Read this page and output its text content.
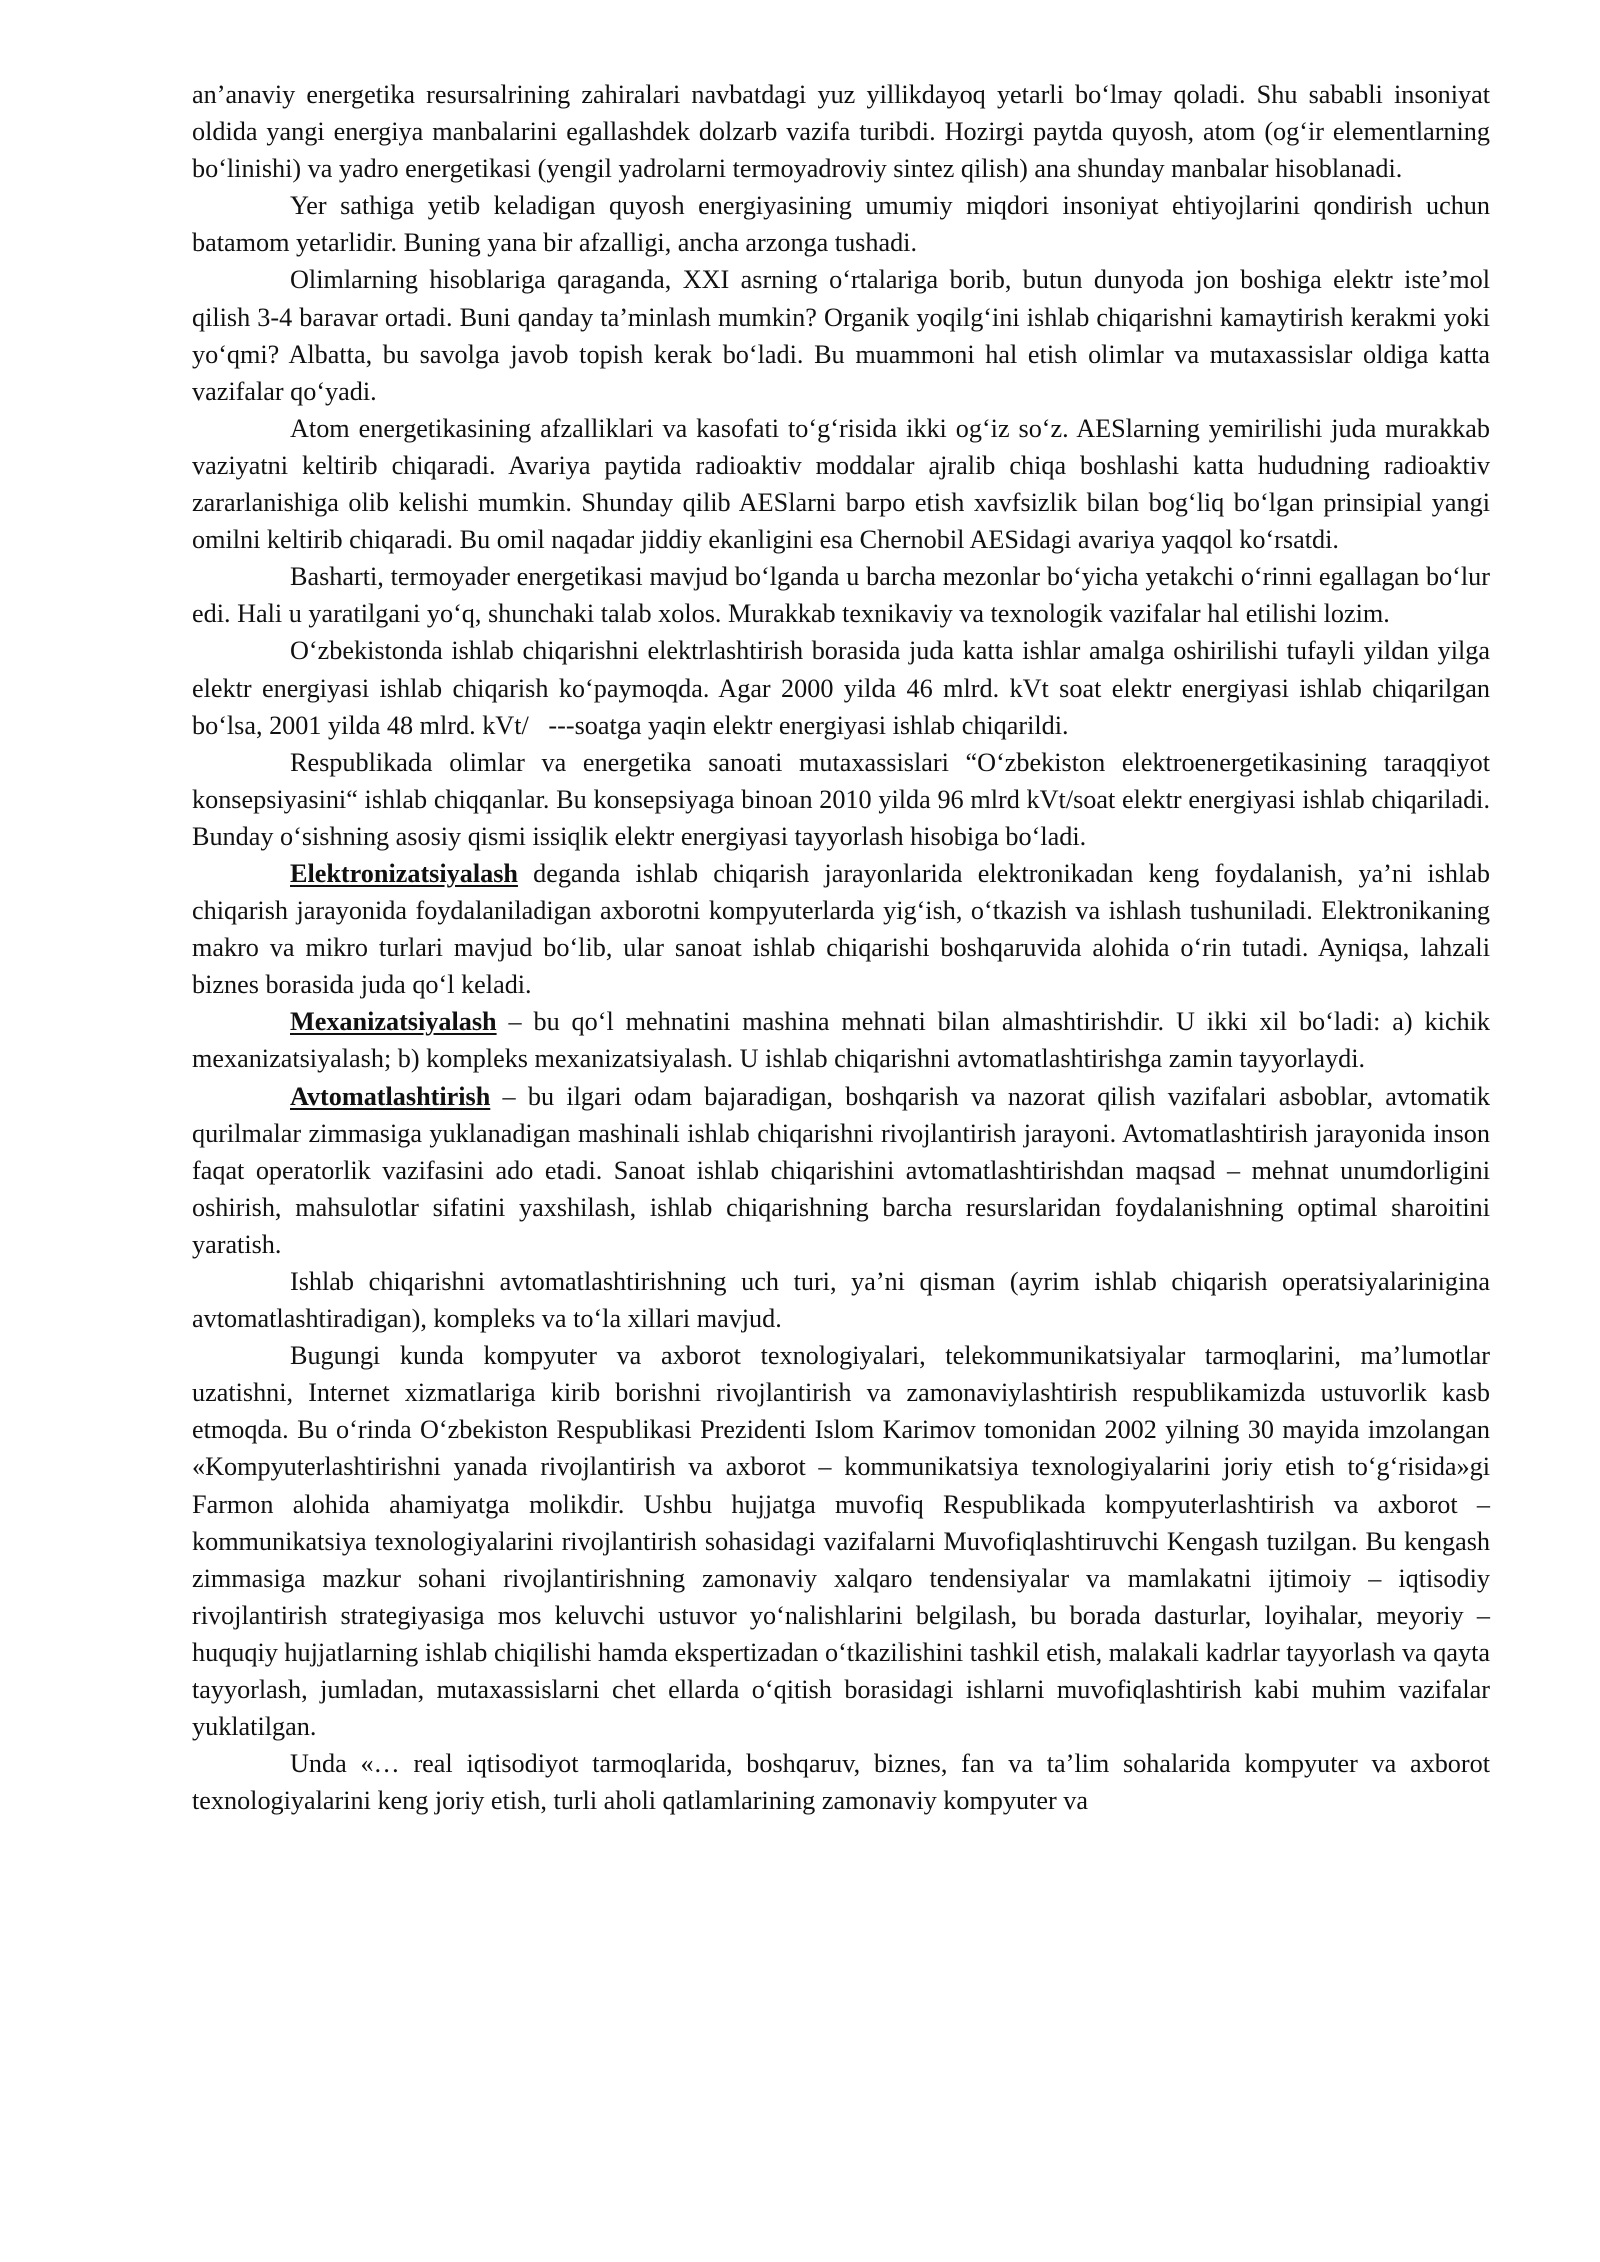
an’anaviy energetika resursalrining zahiralari navbatdagi yuz yillikdayoq yetarli bo‘lmay qoladi. Shu sababli insoniyat oldida yangi energiya manbalarini egallashdek dolzarb vazifa turibdi. Hozirgi paytda quyosh, atom (og‘ir elementlarning bo‘linishi) va yadro energetikasi (yengil yadrolarni termoyadroviy sintez qilish) ana shunday manbalar hisoblanadi.

Yer sathiga yetib keladigan quyosh energiyasining umumiy miqdori insoniyat ehtiyojlarini qondirish uchun batamom yetarlidir. Buning yana bir afzalligi, ancha arzonga tushadi.

Olimlarning hisoblariga qaraganda, XXI asrning o‘rtalariga borib, butun dunyoda jon boshiga elektr iste’mol qilish 3-4 baravar ortadi. Buni qanday ta’minlash mumkin? Organik yoqilg‘ini ishlab chiqarishni kamaytirish kerakmi yoki yo‘qmi? Albatta, bu savolga javob topish kerak bo‘ladi. Bu muammoni hal etish olimlar va mutaxassislar oldiga katta vazifalar qo‘yadi.

Atom energetikasining afzalliklari va kasofati to‘g‘risida ikki og‘iz so‘z. AESlarning yemirilishi juda murakkab vaziyatni keltirib chiqaradi. Avariya paytida radioaktiv moddalar ajralib chiqa boshlashi katta hududning radioaktiv zararlanishiga olib kelishi mumkin. Shunday qilib AESlarni barpo etish xavfsizlik bilan bog‘liq bo‘lgan prinsipial yangi omilni keltirib chiqaradi. Bu omil naqadar jiddiy ekanligini esa Chernobil AESidagi avariya yaqqol ko‘rsatdi.

Basharti, termoyader energetikasi mavjud bo‘lganda u barcha mezonlar bo‘yicha yetakchi o‘rinni egallagan bo‘lur edi. Hali u yaratilgani yo‘q, shunchaki talab xolos. Murakkab texnikaviy va texnologik vazifalar hal etilishi lozim.

O‘zbekistonda ishlab chiqarishni elektrlashtirish borasida juda katta ishlar amalga oshirilishi tufayli yildan yilga elektr energiyasi ishlab chiqarish ko‘paymoqda. Agar 2000 yilda 46 mlrd. kVt soat elektr energiyasi ishlab chiqarilgan bo‘lsa, 2001 yilda 48 mlrd. kVt/   ---soatga yaqin elektr energiyasi ishlab chiqarildi.

Respublikada olimlar va energetika sanoati mutaxassislari “O‘zbekiston elektroenergetikasining taraqqiyot konsepsiyasini“ ishlab chiqqanlar. Bu konsepsiyaga binoan 2010 yilda 96 mlrd kVt/soat elektr energiyasi ishlab chiqariladi. Bunday o‘sishning asosiy qismi issiqlik elektr energiyasi tayyorlash hisobiga bo‘ladi.

Elektronizatsiyalash deganda ishlab chiqarish jarayonlarida elektronikadan keng foydalanish, ya’ni ishlab chiqarish jarayonida foydalaniladigan axborotni kompyuterlarda yig‘ish, o‘tkazish va ishlash tushuniladi. Elektronikaning makro va mikro turlari mavjud bo‘lib, ular sanoat ishlab chiqarishi boshqaruvida alohida o‘rin tutadi. Ayniqsa, lahzali biznes borasida juda qo‘l keladi.

Mexanizatsiyalash – bu qo‘l mehnatini mashina mehnati bilan almashtirishdir. U ikki xil bo‘ladi: a) kichik mexanizatsiyalash; b) kompleks mexanizatsiyalash. U ishlab chiqarishni avtomatlashtirishga zamin tayyorlaydi.

Avtomatlashtirish – bu ilgari odam bajaradigan, boshqarish va nazorat qilish vazifalari asboblar, avtomatik qurilmalar zimmasiga yuklanadigan mashinali ishlab chiqarishni rivojlantirish jarayoni. Avtomatlashtirish jarayonida inson faqat operatorlik vazifasini ado etadi. Sanoat ishlab chiqarishini avtomatlashtirishdan maqsad – mehnat unumdorligini oshirish, mahsulotlar sifatini yaxshilash, ishlab chiqarishning barcha resurslaridan foydalanishning optimal sharoitini yaratish.

Ishlab chiqarishni avtomatlashtirishning uch turi, ya’ni qisman (ayrim ishlab chiqarish operatsiyalarinigina avtomatlashtiradigan), kompleks va to‘la xillari mavjud.

Bugungi kunda kompyuter va axborot texnologiyalari, telekommunikatsiyalar tarmoqlarini, ma’lumotlar uzatishni, Internet xizmatlariga kirib borishni rivojlantirish va zamonaviylashtirish respublikamizda ustuvorlik kasb etmoqda. Bu o‘rinda O‘zbekiston Respublikasi Prezidenti Islom Karimov tomonidan 2002 yilning 30 mayida imzolangan «Kompyuterlashtirishni yanada rivojlantirish va axborot – kommunikatsiya texnologiyalarini joriy etish to‘g‘risida»gi Farmon alohida ahamiyatga molikdir. Ushbu hujjatga muvofiq Respublikada kompyuterlashtirish va axborot – kommunikatsiya texnologiyalarini rivojlantirish sohasidagi vazifalarni Muvofiqlashtiruvchi Kengash tuzilgan. Bu kengash zimmasiga mazkur sohani rivojlantirishning zamonaviy xalqaro tendensiyalar va mamlakatni ijtimoiy – iqtisodiy rivojlantirish strategiyasiga mos keluvchi ustuvor yo‘nalishlarini belgilash, bu borada dasturlar, loyihalar, meyoriy – huquqiy hujjatlarning ishlab chiqilishi hamda ekspertizadan o‘tkazilishini tashkil etish, malakali kadrlar tayyorlash va qayta tayyorlash, jumladan, mutaxassislarni chet ellarda o‘qitish borasidagi ishlarni muvofiqlashtirish kabi muhim vazifalar yuklatilgan.

Unda «… real iqtisodiyot tarmoqlarida, boshqaruv, biznes, fan va ta’lim sohalarida kompyuter va axborot texnologiyalarini keng joriy etish, turli aholi qatlamlarining zamonaviy kompyuter va
